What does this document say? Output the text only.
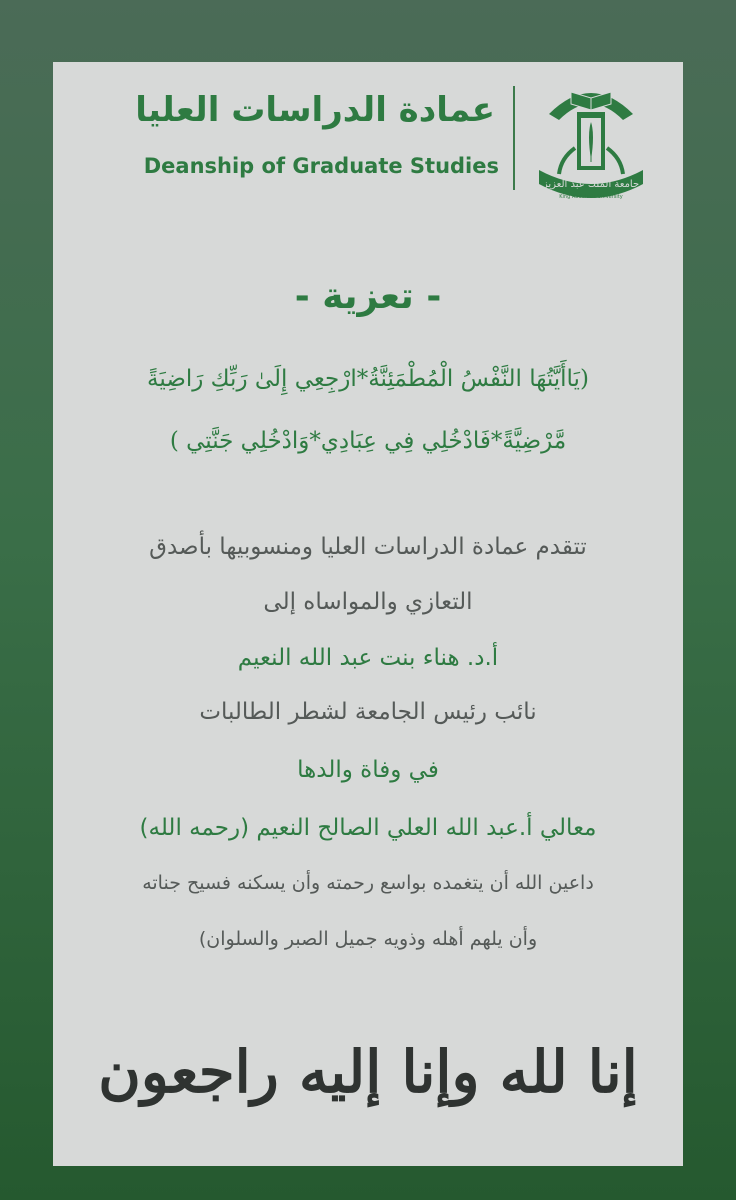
جامعة الملك عبد العزيز
King Abdulaziz University
عمادة الدراسات العليا
Deanship of Graduate Studies
- تعزية -
(يَاأَيَّتُهَا النَّفْسُ الْمُطْمَئِنَّةُ*ارْجِعِي إِلَىٰ رَبِّكِ رَاضِيَةً
مَّرْضِيَّةً*فَادْخُلِي فِي عِبَادِي*وَادْخُلِي جَنَّتِي )
تتقدم عمادة الدراسات العليا ومنسوبيها بأصدق
التعازي والمواساه إلى
أ.د. هناء بنت عبد الله النعيم
نائب رئيس الجامعة لشطر الطالبات
في وفاة والدها
معالي أ.عبد الله العلي الصالح النعيم (رحمه الله)
داعين الله أن يتغمده بواسع رحمته وأن يسكنه فسيح جناته
وأن يلهم أهله وذويه جميل الصبر والسلوان)
إنا لله وإنا إليه راجعون
